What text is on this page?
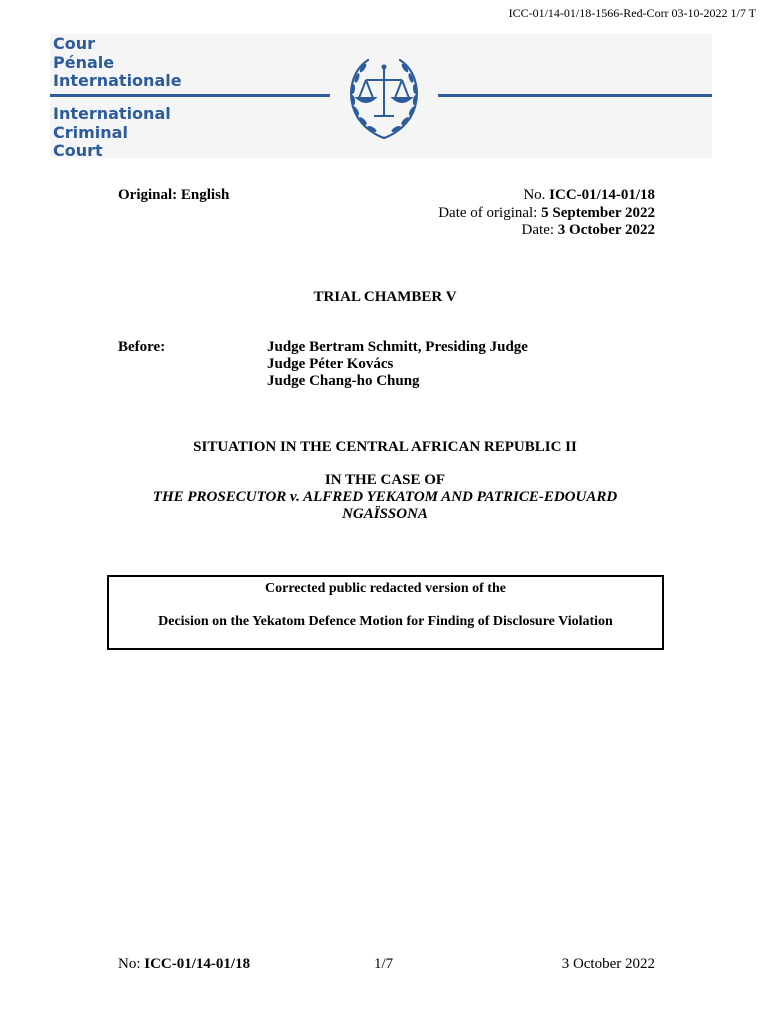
ICC-01/14-01/18-1566-Red-Corr 03-10-2022 1/7 T
Cour
Pénale
Internationale
International
Criminal
Court
Original: English	No. ICC-01/14-01/18
Date of original: 5 September 2022
Date: 3 October 2022
TRIAL CHAMBER V
Before:	Judge Bertram Schmitt, Presiding Judge
Judge Péter Kovács
Judge Chang-ho Chung
SITUATION IN THE CENTRAL AFRICAN REPUBLIC II
IN THE CASE OF
THE PROSECUTOR v. ALFRED YEKATOM AND PATRICE-EDOUARD
NGAÏSSONA
Corrected public redacted version of the
Decision on the Yekatom Defence Motion for Finding of Disclosure Violation
No: ICC-01/14-01/18	1/7	3 October 2022
